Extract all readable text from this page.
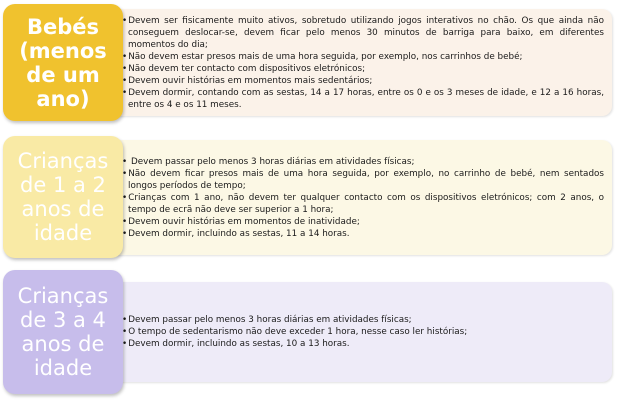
Bebés
(menos
de um
ano)
• Devem ser fisicamente muito ativos, sobretudo utilizando jogos interativos no chão. Os que ainda não conseguem deslocar-se, devem ficar pelo menos 30 minutos de barriga para baixo, em diferentes momentos do dia;
• Não devem estar presos mais de uma hora seguida, por exemplo, nos carrinhos de bebé;
• Não devem ter contacto com dispositivos eletrónicos;
• Devem ouvir histórias em momentos mais sedentários;
• Devem dormir, contando com as sestas, 14 a 17 horas, entre os 0 e os 3 meses de idade, e 12 a 16 horas, entre os 4 e os 11 meses.
Crianças
de 1 a 2
anos de
idade
• Devem passar pelo menos 3 horas diárias em atividades físicas;
• Não devem ficar presos mais de uma hora seguida, por exemplo, no carrinho de bebé, nem sentados longos períodos de tempo;
• Crianças com 1 ano, não devem ter qualquer contacto com os dispositivos eletrónicos; com 2 anos, o tempo de ecrã não deve ser superior a 1 hora;
• Devem ouvir histórias em momentos de inatividade;
• Devem dormir, incluindo as sestas, 11 a 14 horas.
Crianças
de 3 a 4
anos de
idade
• Devem passar pelo menos 3 horas diárias em atividades físicas;
• O tempo de sedentarismo não deve exceder 1 hora, nesse caso ler histórias;
• Devem dormir, incluindo as sestas, 10 a 13 horas.
